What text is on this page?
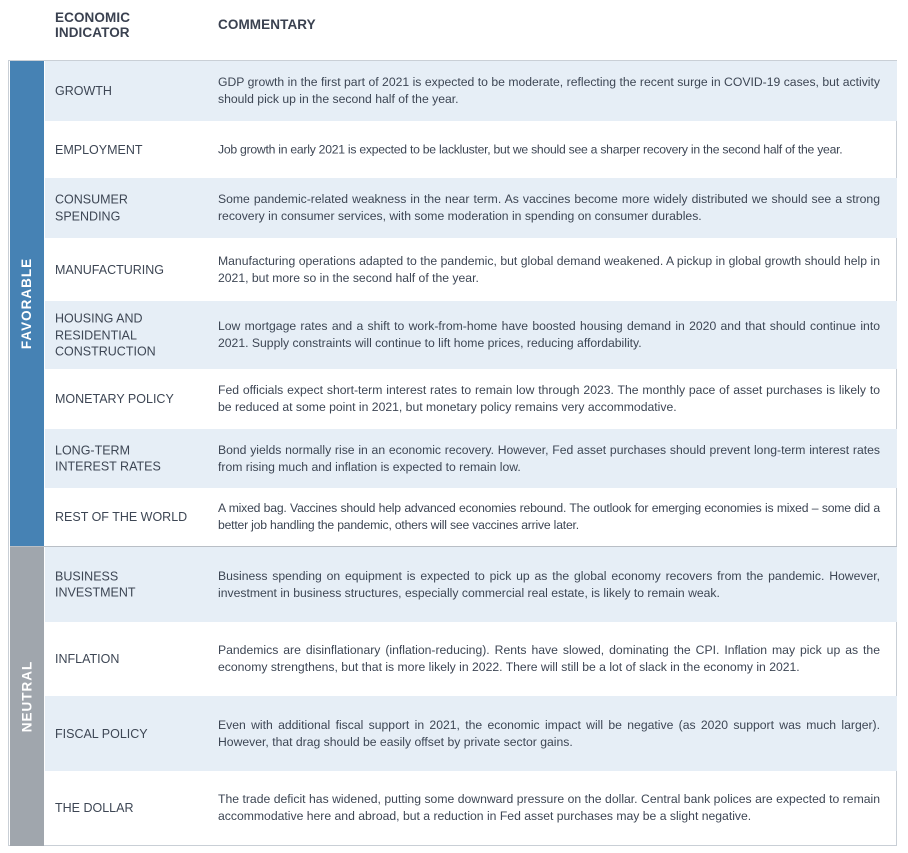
ECONOMIC INDICATOR
COMMENTARY
FAVORABLE
NEUTRAL
GROWTH
GDP growth in the first part of 2021 is expected to be moderate, reflecting the recent surge in COVID-19 cases, but activity should pick up in the second half of the year.
EMPLOYMENT	Job growth in early 2021 is expected to be lackluster, but we should see a sharper recovery in the second half of the year.
CONSUMER SPENDING
Some pandemic-related weakness in the near term. As vaccines become more widely distributed we should see a strong recovery in consumer services, with some moderation in spending on consumer durables.
MANUFACTURING
Manufacturing operations adapted to the pandemic, but global demand weakened. A pickup in global growth should help in 2021, but more so in the second half of the year.
HOUSING AND RESIDENTIAL CONSTRUCTION
Low mortgage rates and a shift to work-from-home have boosted housing demand in 2020 and that should continue into 2021. Supply constraints will continue to lift home prices, reducing affordability.
MONETARY POLICY
Fed officials expect short-term interest rates to remain low through 2023. The monthly pace of asset purchases is likely to be reduced at some point in 2021, but monetary policy remains very accommodative.
LONG-TERM INTEREST RATES
Bond yields normally rise in an economic recovery. However, Fed asset purchases should prevent long-term interest rates from rising much and inflation is expected to remain low.
REST OF THE WORLD
A mixed bag. Vaccines should help advanced economies rebound. The outlook for emerging economies is mixed – some did a better job handling the pandemic, others will see vaccines arrive later.
BUSINESS INVESTMENT
Business spending on equipment is expected to pick up as the global economy recovers from the pandemic. However, investment in business structures, especially commercial real estate, is likely to remain weak.
INFLATION
Pandemics are disinflationary (inflation-reducing). Rents have slowed, dominating the CPI. Inflation may pick up as the economy strengthens, but that is more likely in 2022. There will still be a lot of slack in the economy in 2021.
FISCAL POLICY
Even with additional fiscal support in 2021, the economic impact will be negative (as 2020 support was much larger). However, that drag should be easily offset by private sector gains.
THE DOLLAR
The trade deficit has widened, putting some downward pressure on the dollar. Central bank polices are expected to remain accommodative here and abroad, but a reduction in Fed asset purchases may be a slight negative.
